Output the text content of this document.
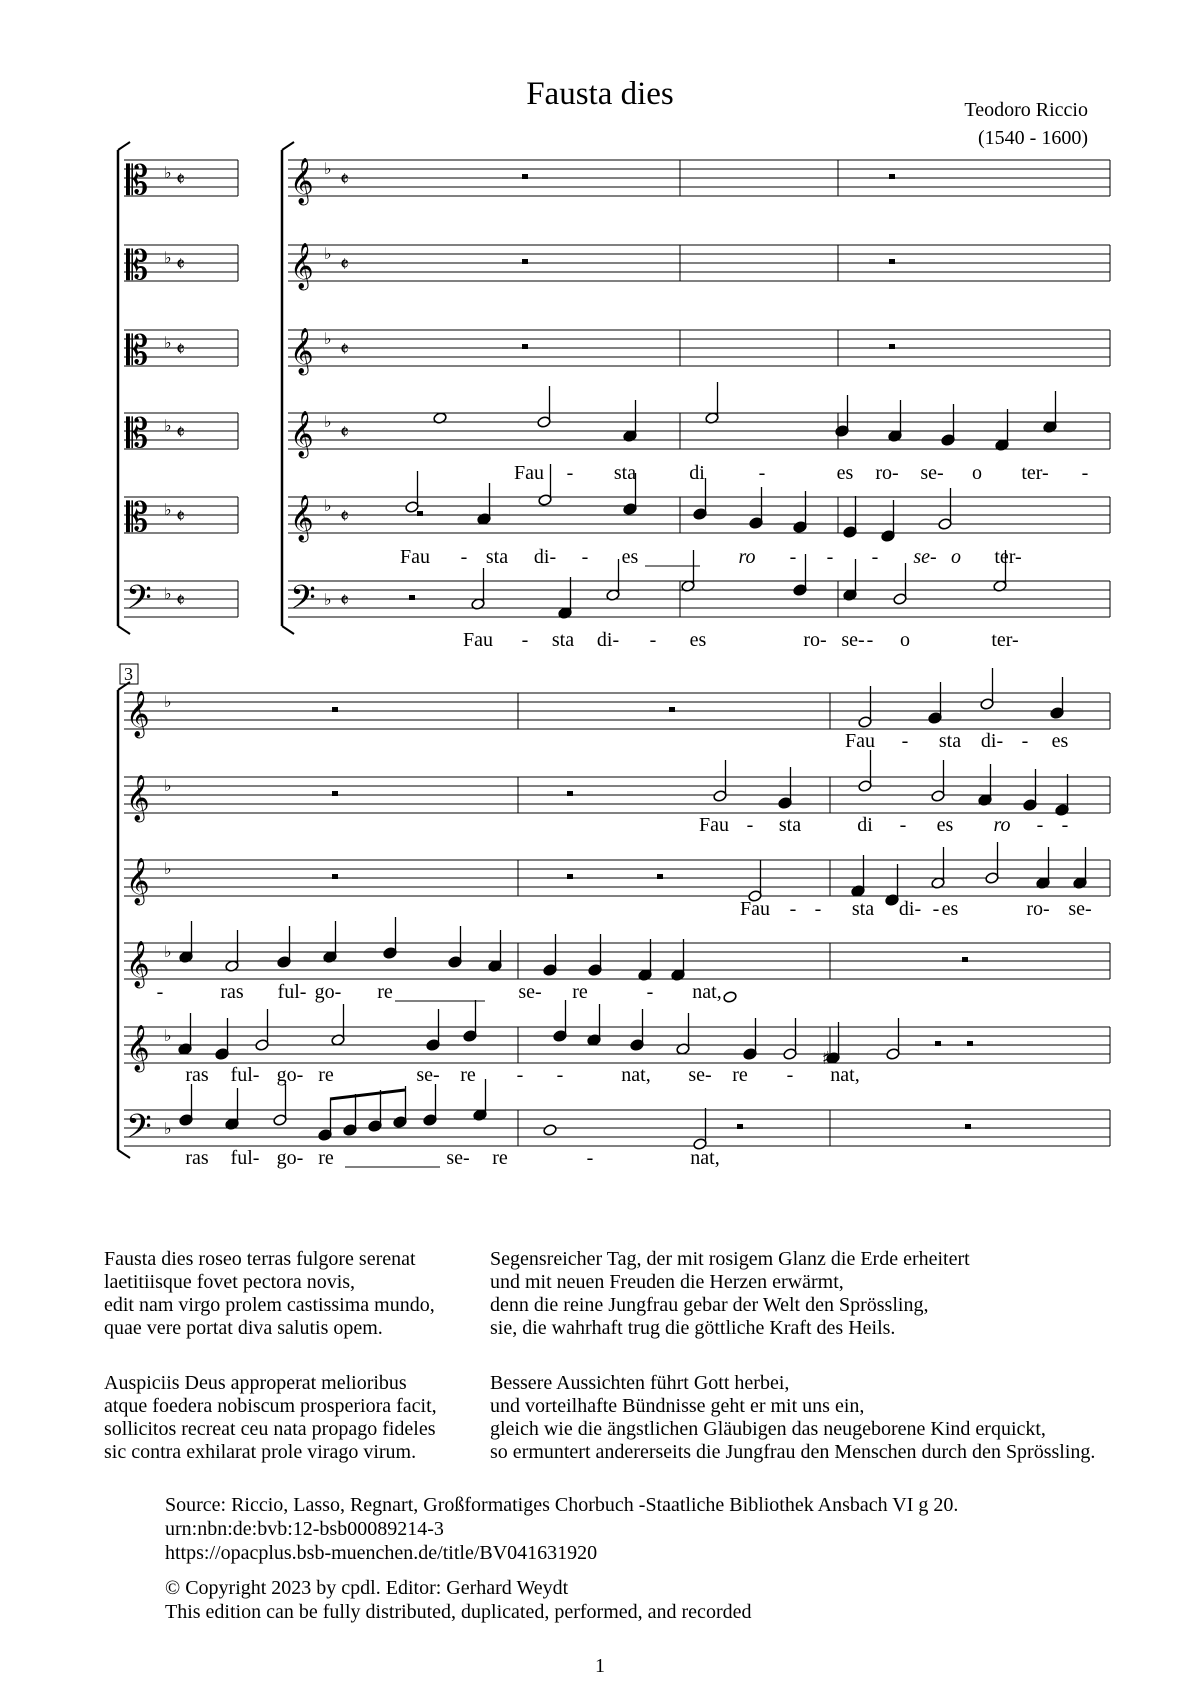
Fausta dies	Teodoro Riccio
(1540 - 1600)
𝄡	𝄞
♭	♭
𝄵	𝄵
𝄡	𝄞
♭	♭
𝄵	𝄵
𝄡	𝄞
♭	♭
𝄵	𝄵
𝄡	𝄞
♭	♭
𝄵	𝄵
𝄡	𝄞
♭	♭
𝄵	𝄵
𝄢	𝄢
♭	♭
𝄵	𝄵
Fau - sta	di	-	es ro- se- o ter- -
Fau - sta di- - es	ro - - - se- o ter-
Fau - sta di- - es	ro- se- - o	ter-
3
𝄞 ♭
𝄞 ♭
𝄞 ♭
𝄞 ♭
𝄞 ♭
𝄢 ♭
♯
Fau - sta di- - es
Fau - sta	di - es ro - -
Fau - - sta di- - es	ro- se-
-	ras ful- go- re	se- re	- nat,
ras ful- go- re	se- re - -	nat, se- re - nat,
ras ful- go- re	se- re	-	nat,
Fausta dies roseo terras fulgore serenat
laetitiisque fovet pectora novis,
edit nam virgo prolem castissima mundo,
quae vere portat diva salutis opem.
Segensreicher Tag, der mit rosigem Glanz die Erde erheitert
und mit neuen Freuden die Herzen erwärmt,
denn die reine Jungfrau gebar der Welt den Sprössling,
sie, die wahrhaft trug die göttliche Kraft des Heils.
Auspiciis Deus approperat melioribus
atque foedera nobiscum prosperiora facit,
sollicitos recreat ceu nata propago fideles
sic contra exhilarat prole virago virum.
Bessere Aussichten führt Gott herbei,
und vorteilhafte Bündnisse geht er mit uns ein,
gleich wie die ängstlichen Gläubigen das neugeborene Kind erquickt,
so ermuntert andererseits die Jungfrau den Menschen durch den Sprössling.
Source: Riccio, Lasso, Regnart, Großformatiges Chorbuch -Staatliche Bibliothek Ansbach VI g 20.
urn:nbn:de:bvb:12-bsb00089214-3
https://opacplus.bsb-muenchen.de/title/BV041631920
© Copyright 2023 by cpdl. Editor: Gerhard Weydt
This edition can be fully distributed, duplicated, performed, and recorded
1
